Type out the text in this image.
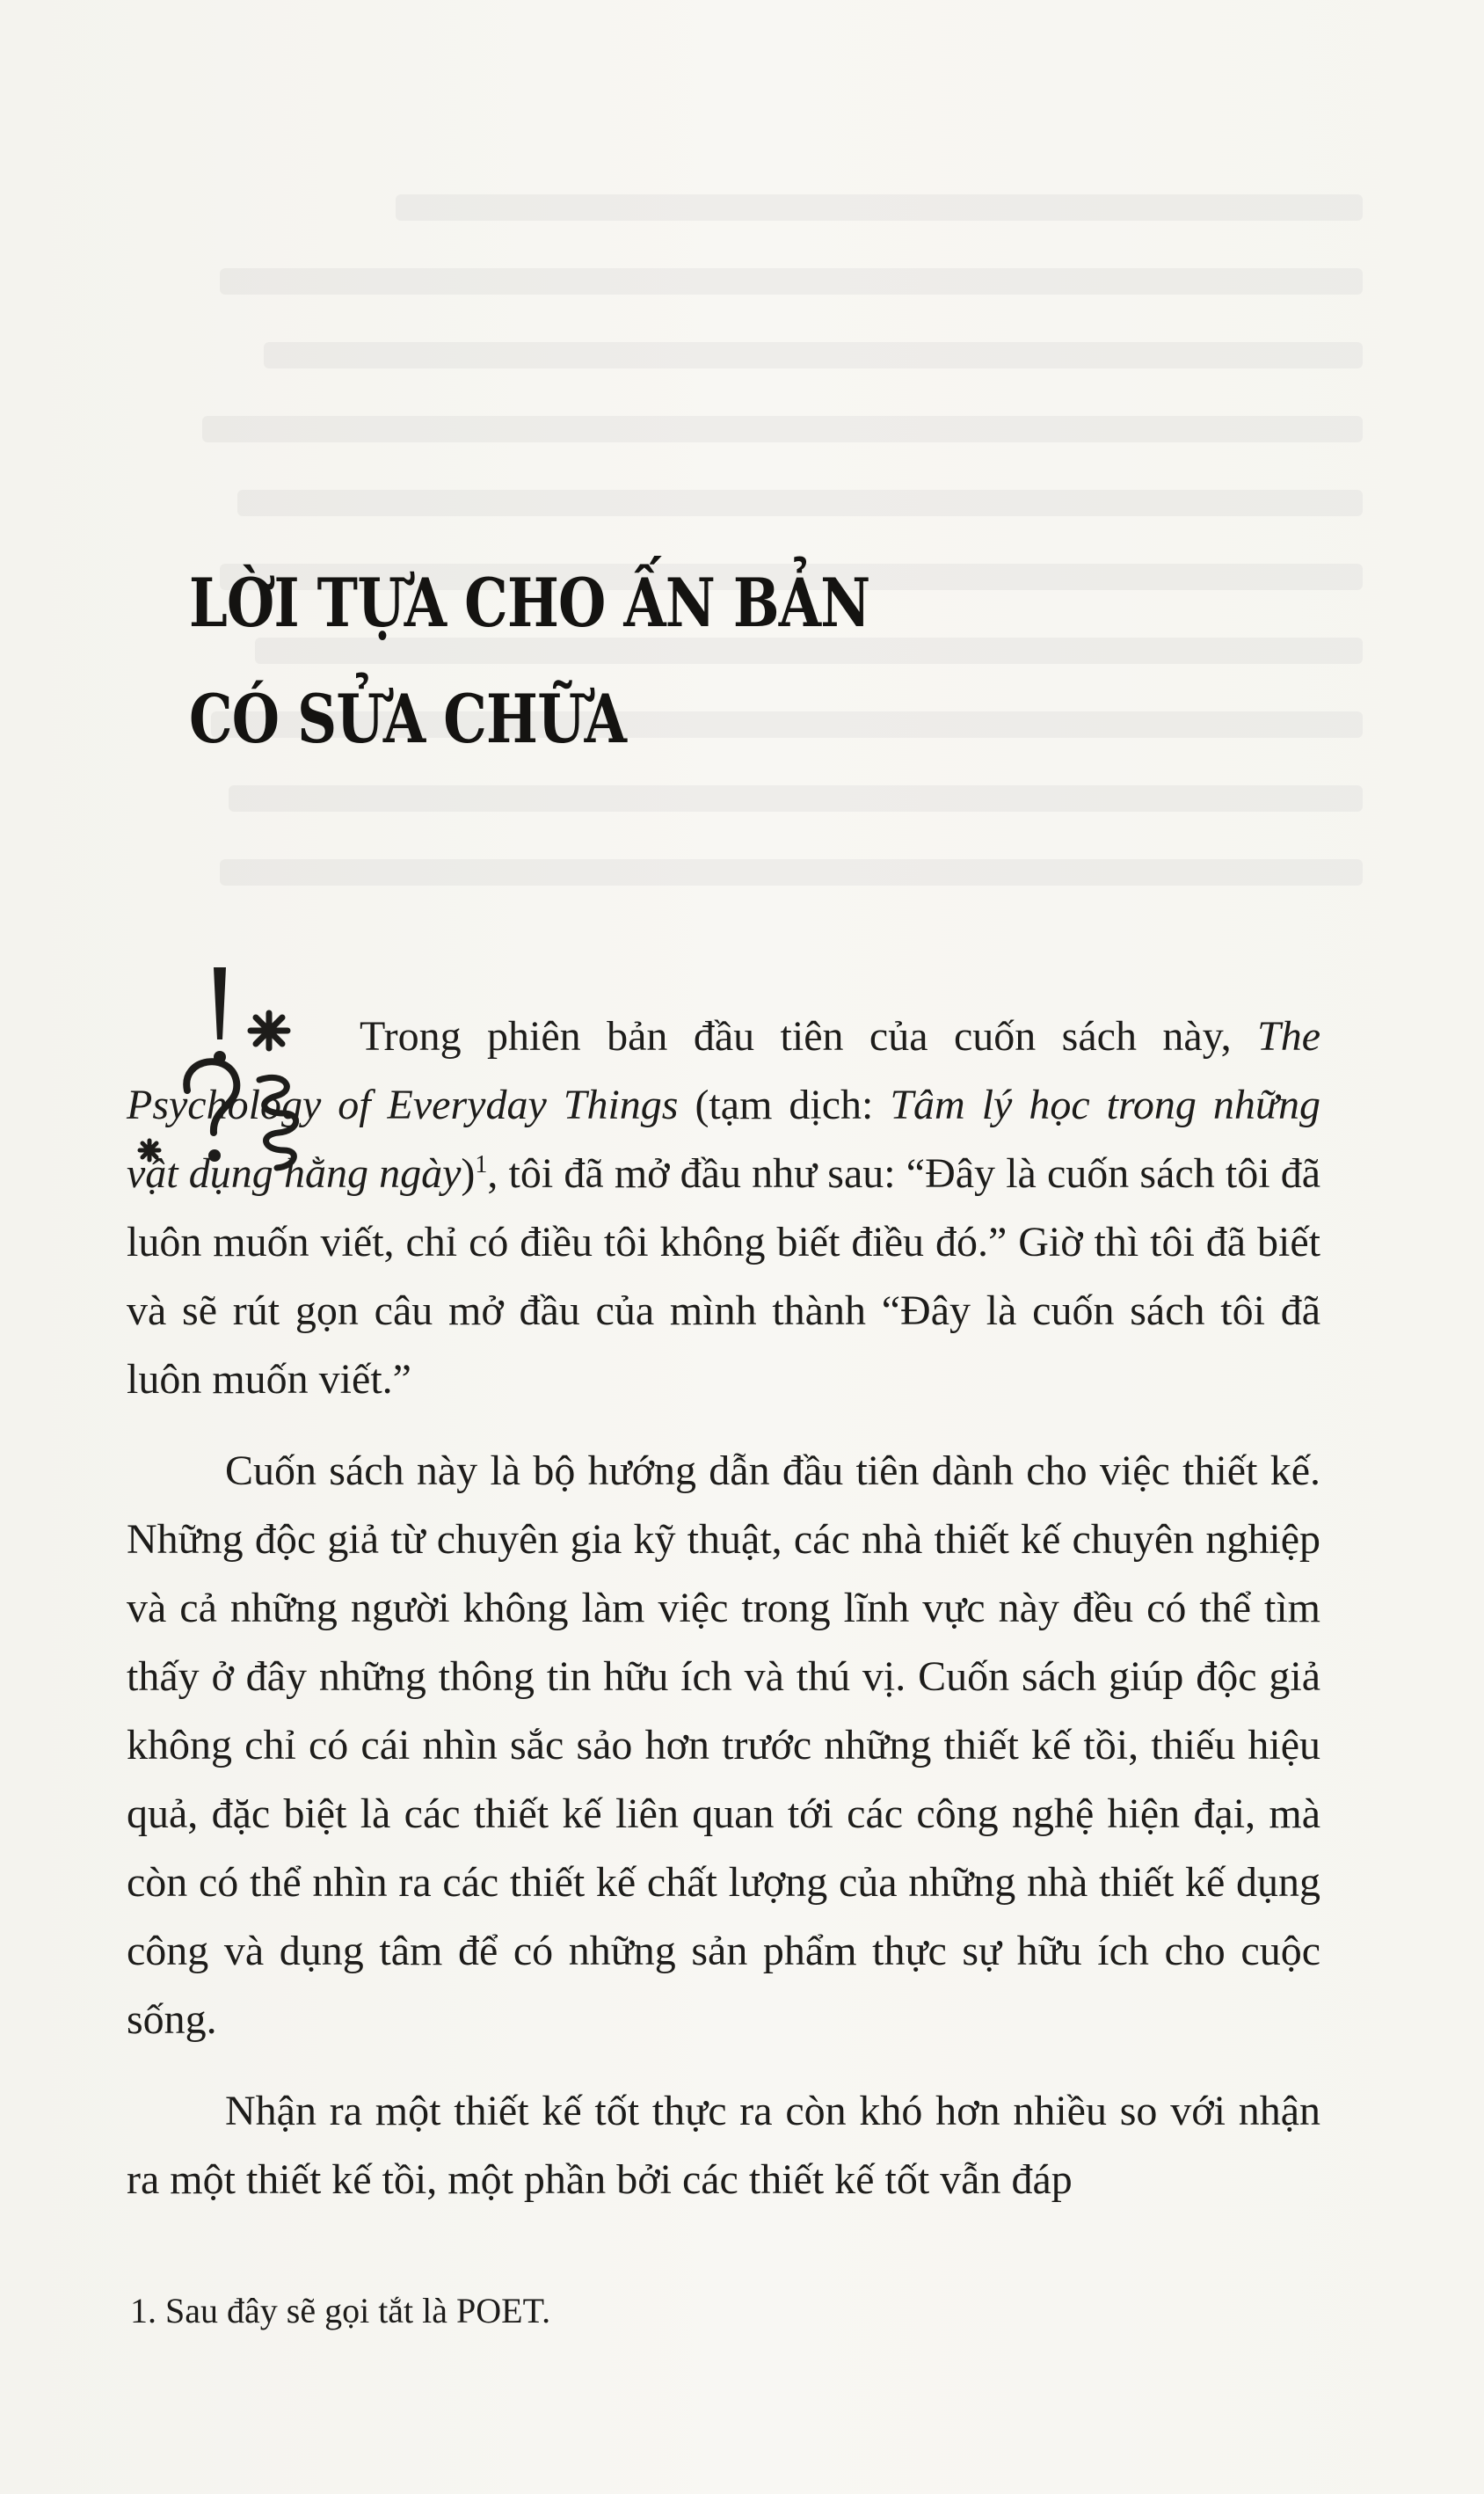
LỜI TỰA CHO ẤN BẢN
CÓ SỬA CHỮA

Trong phiên bản đầu tiên của cuốn sách này, The Psychology of Everyday Things (tạm dịch: Tâm lý học trong những vật dụng hằng ngày)$^1$, tôi đã mở đầu như sau: “Đây là cuốn sách tôi đã luôn muốn viết, chỉ có điều tôi không biết điều đó.” Giờ thì tôi đã biết và sẽ rút gọn câu mở đầu của mình thành “Đây là cuốn sách tôi đã luôn muốn viết.”

Cuốn sách này là bộ hướng dẫn đầu tiên dành cho việc thiết kế. Những độc giả từ chuyên gia kỹ thuật, các nhà thiết kế chuyên nghiệp và cả những người không làm việc trong lĩnh vực này đều có thể tìm thấy ở đây những thông tin hữu ích và thú vị. Cuốn sách giúp độc giả không chỉ có cái nhìn sắc sảo hơn trước những thiết kế tồi, thiếu hiệu quả, đặc biệt là các thiết kế liên quan tới các công nghệ hiện đại, mà còn có thể nhìn ra các thiết kế chất lượng của những nhà thiết kế dụng công và dụng tâm để có những sản phẩm thực sự hữu ích cho cuộc sống.

Nhận ra một thiết kế tốt thực ra còn khó hơn nhiều so với nhận ra một thiết kế tồi, một phần bởi các thiết kế tốt vẫn đáp

1. Sau đây sẽ gọi tắt là POET.
